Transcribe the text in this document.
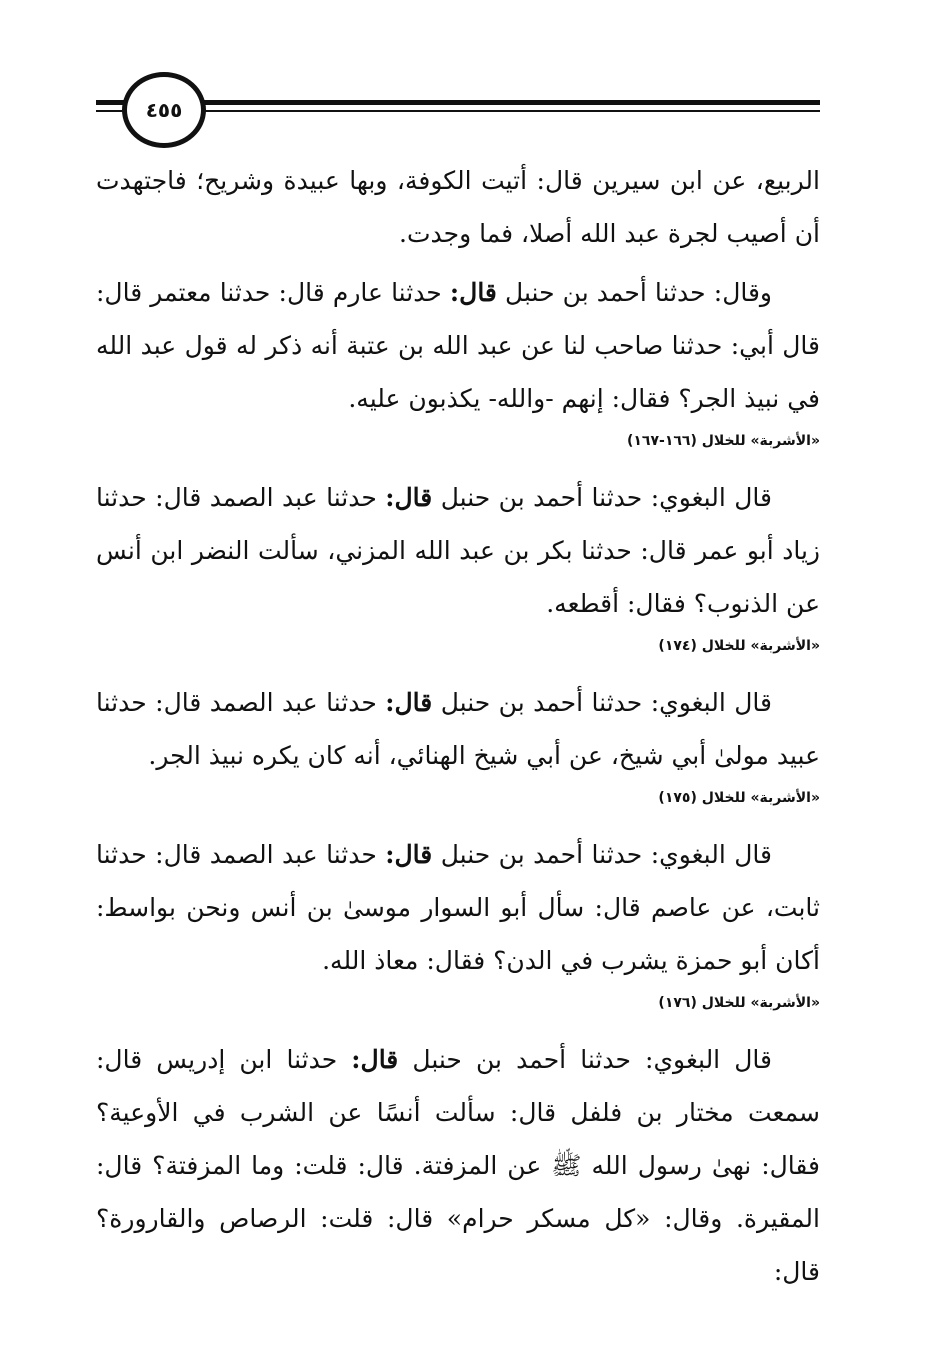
٤٥٥

الربيع، عن ابن سيرين قال: أتيت الكوفة، وبها عبيدة وشريح؛ فاجتهدت أن أصيب لجرة عبد الله أصلا، فما وجدت.

وقال: حدثنا أحمد بن حنبل قال: حدثنا عارم قال: حدثنا معتمر قال: قال أبي: حدثنا صاحب لنا عن عبد الله بن عتبة أنه ذكر له قول عبد الله في نبيذ الجر؟ فقال: إنهم -والله- يكذبون عليه.

«الأشربة» للخلال (١٦٦-١٦٧)

قال البغوي: حدثنا أحمد بن حنبل قال: حدثنا عبد الصمد قال: حدثنا زياد أبو عمر قال: حدثنا بكر بن عبد الله المزني، سألت النضر ابن أنس عن الذنوب؟ فقال: أقطعه.

«الأشربة» للخلال (١٧٤)

قال البغوي: حدثنا أحمد بن حنبل قال: حدثنا عبد الصمد قال: حدثنا عبيد مولىٰ أبي شيخ، عن أبي شيخ الهنائي، أنه كان يكره نبيذ الجر.

«الأشربة» للخلال (١٧٥)

قال البغوي: حدثنا أحمد بن حنبل قال: حدثنا عبد الصمد قال: حدثنا ثابت، عن عاصم قال: سأل أبو السوار موسىٰ بن أنس ونحن بواسط: أكان أبو حمزة يشرب في الدن؟ فقال: معاذ الله.

«الأشربة» للخلال (١٧٦)

قال البغوي: حدثنا أحمد بن حنبل قال: حدثنا ابن إدريس قال: سمعت مختار بن فلفل قال: سألت أنسًا عن الشرب في الأوعية؟ فقال: نهىٰ رسول الله ﷺ عن المزفتة. قال: قلت: وما المزفتة؟ قال: المقيرة. وقال: «كل مسكر حرام» قال: قلت: الرصاص والقارورة؟ قال:
